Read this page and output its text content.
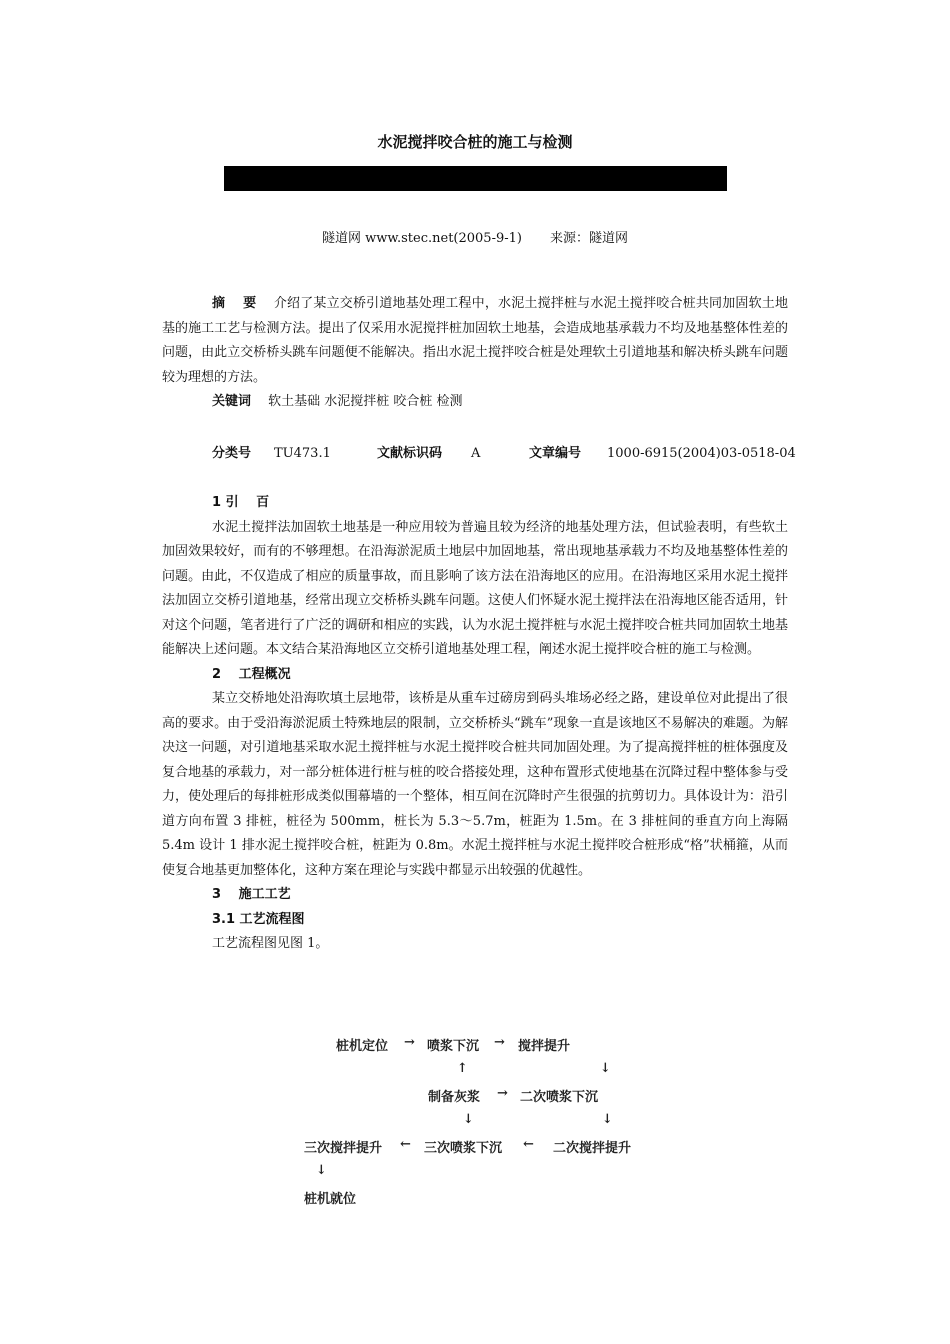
水泥搅拌咬合桩的施工与检测
隧道网 www.stec.net(2005-9-1) 来源：隧道网

摘　 要　 介绍了某立交桥引道地基处理工程中，水泥土搅拌桩与水泥土搅拌咬合桩共同加固软土地基的施工工艺与检测方法。提出了仅采用水泥搅拌桩加固软土地基，会造成地基承载力不均及地基整体性差的问题，由此立交桥桥头跳车问题便不能解决。指出水泥土搅拌咬合桩是处理软土引道地基和解决桥头跳车问题较为理想的方法。

关键词　 软土基础 水泥搅拌桩 咬合桩 检测

分类号 TU473.1	文献标识码 A	文章编号 1000-6915(2004)03-0518-04

1 引　 百

水泥土搅拌法加固软土地基是一种应用较为普遍且较为经济的地基处理方法，但试验表明，有些软土加固效果较好，而有的不够理想。在沿海淤泥质土地层中加固地基，常出现地基承载力不均及地基整体性差的问题。由此，不仅造成了相应的质量事故，而且影响了该方法在沿海地区的应用。在沿海地区采用水泥土搅拌法加固立交桥引道地基，经常出现立交桥桥头跳车问题。这使人们怀疑水泥土搅拌法在沿海地区能否适用，针对这个问题，笔者进行了广泛的调研和相应的实践，认为水泥土搅拌桩与水泥土搅拌咬合桩共同加固软土地基能解决上述问题。本文结合某沿海地区立交桥引道地基处理工程，阐述水泥土搅拌咬合桩的施工与检测。

2　 工程概况

某立交桥地处沿海吹填土层地带，该桥是从重车过磅房到码头堆场必经之路，建设单位对此提出了很高的要求。由于受沿海淤泥质土特殊地层的限制，立交桥桥头“跳车”现象一直是该地区不易解决的难题。为解决这一问题，对引道地基采取水泥土搅拌桩与水泥土搅拌咬合桩共同加固处理。为了提高搅拌桩的桩体强度及复合地基的承载力，对一部分桩体进行桩与桩的咬合搭接处理，这种布置形式使地基在沉降过程中整体参与受力，使处理后的每排桩形成类似围幕墙的一个整体，相互间在沉降时产生很强的抗剪切力。具体设计为：沿引道方向布置 3 排桩，桩径为 500mm，桩长为 5.3～5.7m，桩距为 1.5m。在 3 排桩间的垂直方向上海隔 5.4m 设计 1 排水泥土搅拌咬合桩，桩距为 0.8m。水泥土搅拌桩与水泥土搅拌咬合桩形成“格”状桶箍，从而使复合地基更加整体化，这种方案在理论与实践中都显示出较强的优越性。

3　 施工工艺

3.1 工艺流程图

工艺流程图见图 1。

桩机定位 → 喷浆下沉 → 搅拌提升
↑	↓
制备灰浆 → 二次喷浆下沉
↓	↓
三次搅拌提升 ← 三次喷浆下沉 ← 二次搅拌提升
↓
桩机就位
